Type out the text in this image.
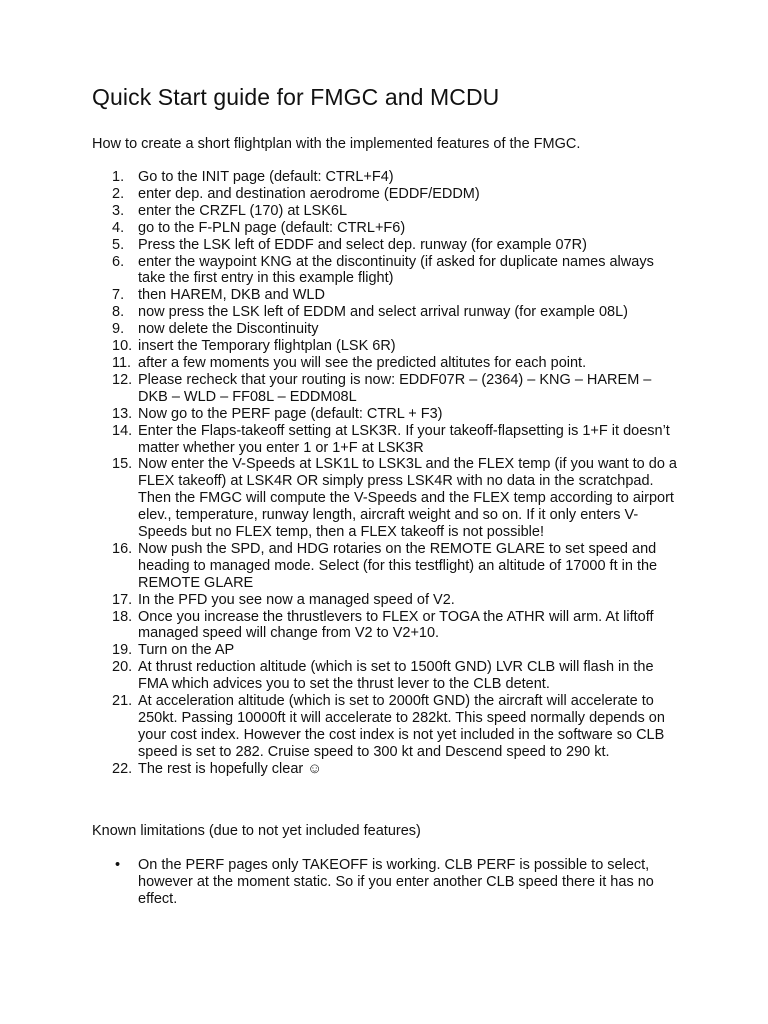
Quick Start guide for FMGC and MCDU

How to create a short flightplan with the implemented features of the FMGC.

1. Go to the INIT page (default: CTRL+F4)
2. enter dep. and destination aerodrome (EDDF/EDDM)
3. enter the CRZFL (170) at LSK6L
4. go to the F-PLN page (default: CTRL+F6)
5. Press the LSK left of EDDF and select dep. runway (for example 07R)
6. enter the waypoint KNG at the discontinuity (if asked for duplicate names always take the first entry in this example flight)
7. then HAREM, DKB and WLD
8. now press the LSK left of EDDM and select arrival runway (for example 08L)
9. now delete the Discontinuity
10. insert the Temporary flightplan (LSK 6R)
11. after a few moments you will see the predicted altitutes for each point.
12. Please recheck that your routing is now: EDDF07R – (2364) – KNG – HAREM – DKB – WLD – FF08L – EDDM08L
13. Now go to the PERF page (default: CTRL + F3)
14. Enter the Flaps-takeoff setting at LSK3R. If your takeoff-flapsetting is 1+F it doesn’t matter whether you enter 1 or 1+F at LSK3R
15. Now enter the V-Speeds at LSK1L to LSK3L and the FLEX temp (if you want to do a FLEX takeoff) at LSK4R OR simply press LSK4R with no data in the scratchpad. Then the FMGC will compute the V-Speeds and the FLEX temp according to airport elev., temperature, runway length, aircraft weight and so on. If it only enters V-Speeds but no FLEX temp, then a FLEX takeoff is not possible!
16. Now push the SPD, and HDG rotaries on the REMOTE GLARE to set speed and heading to managed mode. Select (for this testflight) an altitude of 17000 ft in the REMOTE GLARE
17. In the PFD you see now a managed speed of V2.
18. Once you increase the thrustlevers to FLEX or TOGA the ATHR will arm. At liftoff managed speed will change from V2 to V2+10.
19. Turn on the AP
20. At thrust reduction altitude (which is set to 1500ft GND) LVR CLB will flash in the FMA which advices you to set the thrust lever to the CLB detent.
21. At acceleration altitude (which is set to 2000ft GND) the aircraft will accelerate to 250kt. Passing 10000ft it will accelerate to 282kt. This speed normally depends on your cost index. However the cost index is not yet included in the software so CLB speed is set to 282. Cruise speed to 300 kt and Descend speed to 290 kt.
22. The rest is hopefully clear ☺

Known limitations (due to not yet included features)

• On the PERF pages only TAKEOFF is working. CLB PERF is possible to select, however at the moment static. So if you enter another CLB speed there it has no effect.
